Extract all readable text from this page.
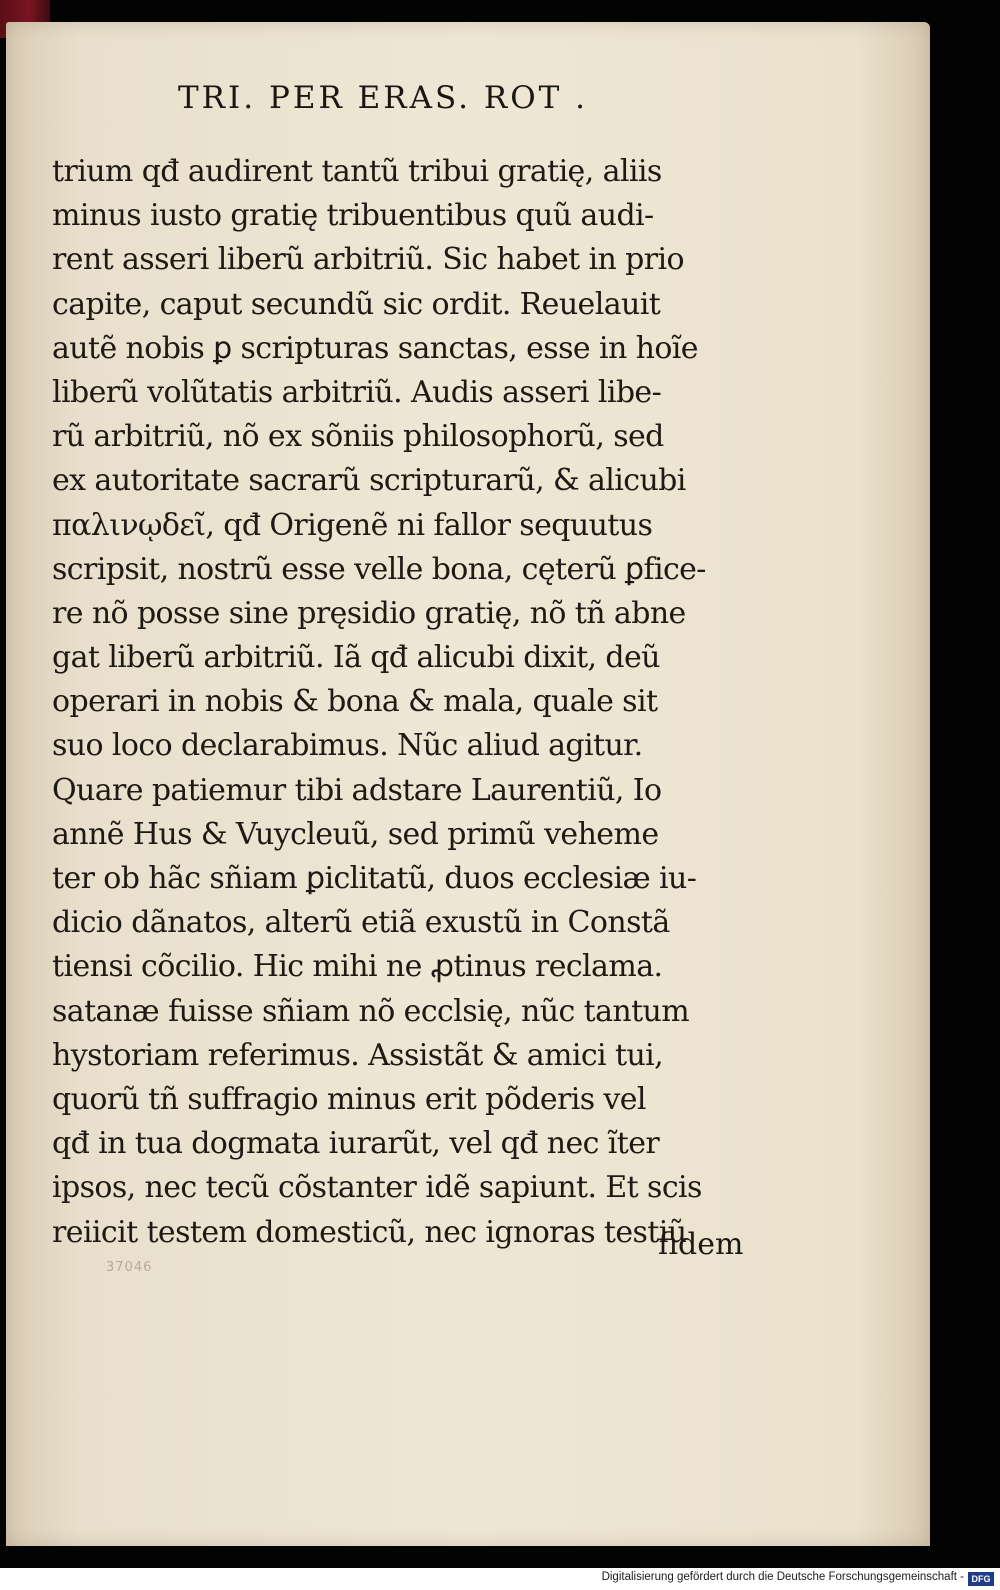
TRI. PER ERAS. ROT .
trium qđ audirent tantũ tribui gratię, aliis
minus iusto gratię tribuentibus quũ audi-
rent asseri liberũ arbitriũ. Sic habet in prio
capite, caput secundũ sic ordit. Reuelauit
autẽ nobis ꝑ scripturas sanctas, esse in hoĩe
liberũ volũtatis arbitriũ. Audis asseri libe-
rũ arbitriũ, nõ ex sõniis philosophorũ, sed
ex autoritate sacrarũ scripturarũ, & alicubi
παλινῳδεῖ, qđ Origenẽ ni fallor sequutus
scripsit, nostrũ esse velle bona, cęterũ ꝑfice-
re nõ posse sine pręsidio gratię, nõ tñ abne
gat liberũ arbitriũ. Iã qđ alicubi dixit, deũ
operari in nobis & bona & mala, quale sit
suo loco declarabimus. Nũc aliud agitur.
Quare patiemur tibi adstare Laurentiũ, Io
annẽ Hus & Vuycleuũ, sed primũ veheme
ter ob hãc sñiam ꝑiclitatũ, duos ecclesiæ iu-
dicio dãnatos, alterũ etiã exustũ in Constã
tiensi cõcilio. Hic mihi ne ꝓtinus reclama.
satanæ fuisse sñiam nõ ecclsię, nũc tantum
hystoriam referimus. Assistãt & amici tui,
quorũ tñ suffragio minus erit põderis vel
qđ in tua dogmata iurarũt, vel qđ nec ĩter
ipsos, nec tecũ cõstanter idẽ sapiunt. Et scis
reiicit testem domesticũ, nec ignoras testiũ
fidem
37046
Digitalisierung gefördert durch die Deutsche Forschungsgemeinschaft - DFG
